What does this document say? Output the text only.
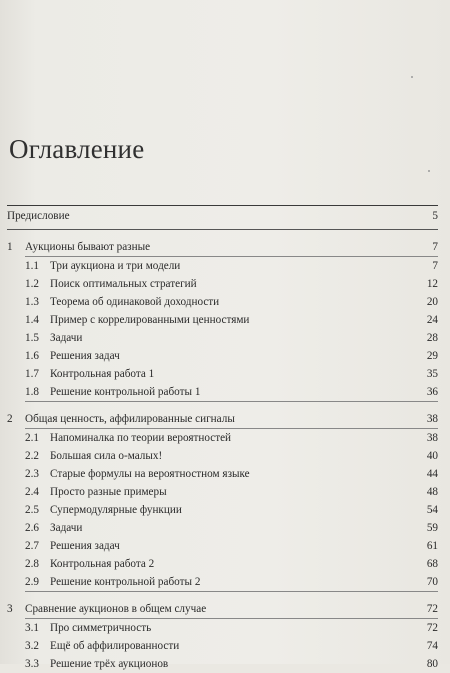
Оглавление
Предисловие	5
1 Аукционы бывают разные	7
1.1 Три аукциона и три модели	7
1.2 Поиск оптимальных стратегий	12
1.3 Теорема об одинаковой доходности	20
1.4 Пример с коррелированными ценностями	24
1.5 Задачи	28
1.6 Решения задач	29
1.7 Контрольная работа 1	35
1.8 Решение контрольной работы 1	36
2 Общая ценность, аффилированные сигналы	38
2.1 Напоминалка по теории вероятностей	38
2.2 Большая сила о-малых!	40
2.3 Старые формулы на вероятностном языке	44
2.4 Просто разные примеры	48
2.5 Супермодулярные функции	54
2.6 Задачи	59
2.7 Решения задач	61
2.8 Контрольная работа 2	68
2.9 Решение контрольной работы 2	70
3 Сравнение аукционов в общем случае	72
3.1 Про симметричность	72
3.2 Ещё об аффилированности	74
3.3 Решение трёх аукционов	80
